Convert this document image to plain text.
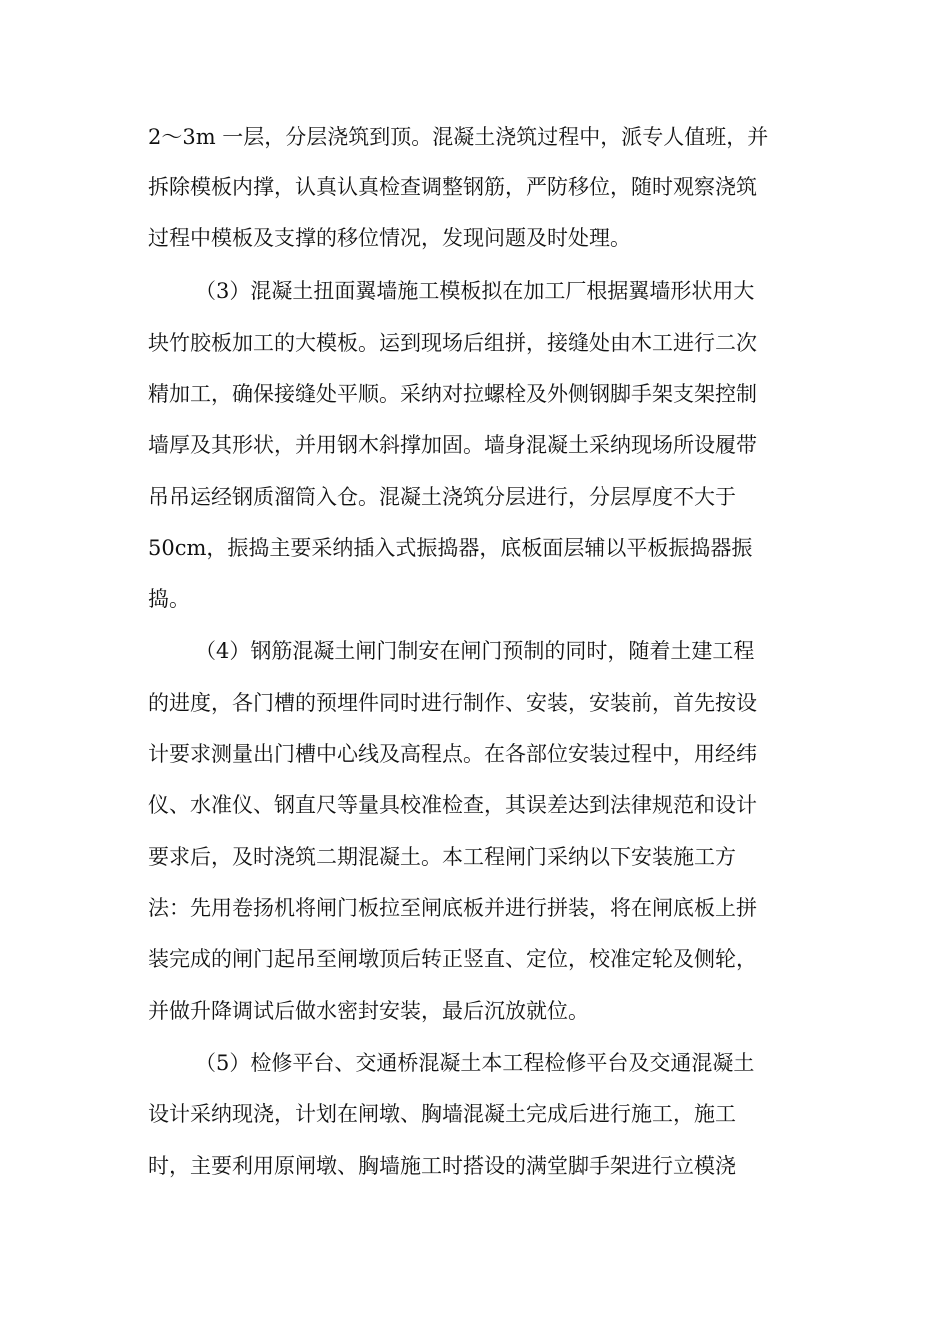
2～3m 一层，分层浇筑到顶。混凝土浇筑过程中，派专人值班，并
拆除模板内撑，认真认真检查调整钢筋，严防移位，随时观察浇筑
过程中模板及支撑的移位情况，发现问题及时处理。
（3）混凝土扭面翼墙施工模板拟在加工厂根据翼墙形状用大
块竹胶板加工的大模板。运到现场后组拼，接缝处由木工进行二次
精加工，确保接缝处平顺。采纳对拉螺栓及外侧钢脚手架支架控制
墙厚及其形状，并用钢木斜撑加固。墙身混凝土采纳现场所设履带
吊吊运经钢质溜筒入仓。混凝土浇筑分层进行，分层厚度不大于
50cm，振捣主要采纳插入式振捣器，底板面层辅以平板振捣器振
捣。
（4）钢筋混凝土闸门制安在闸门预制的同时，随着土建工程
的进度，各门槽的预埋件同时进行制作、安装，安装前，首先按设
计要求测量出门槽中心线及高程点。在各部位安装过程中，用经纬
仪、水准仪、钢直尺等量具校准检查，其误差达到法律规范和设计
要求后，及时浇筑二期混凝土。本工程闸门采纳以下安装施工方
法：先用卷扬机将闸门板拉至闸底板并进行拼装，将在闸底板上拼
装完成的闸门起吊至闸墩顶后转正竖直、定位，校准定轮及侧轮，
并做升降调试后做水密封安装，最后沉放就位。
（5）检修平台、交通桥混凝土本工程检修平台及交通混凝土
设计采纳现浇，计划在闸墩、胸墙混凝土完成后进行施工，施工
时，主要利用原闸墩、胸墙施工时搭设的满堂脚手架进行立模浇
